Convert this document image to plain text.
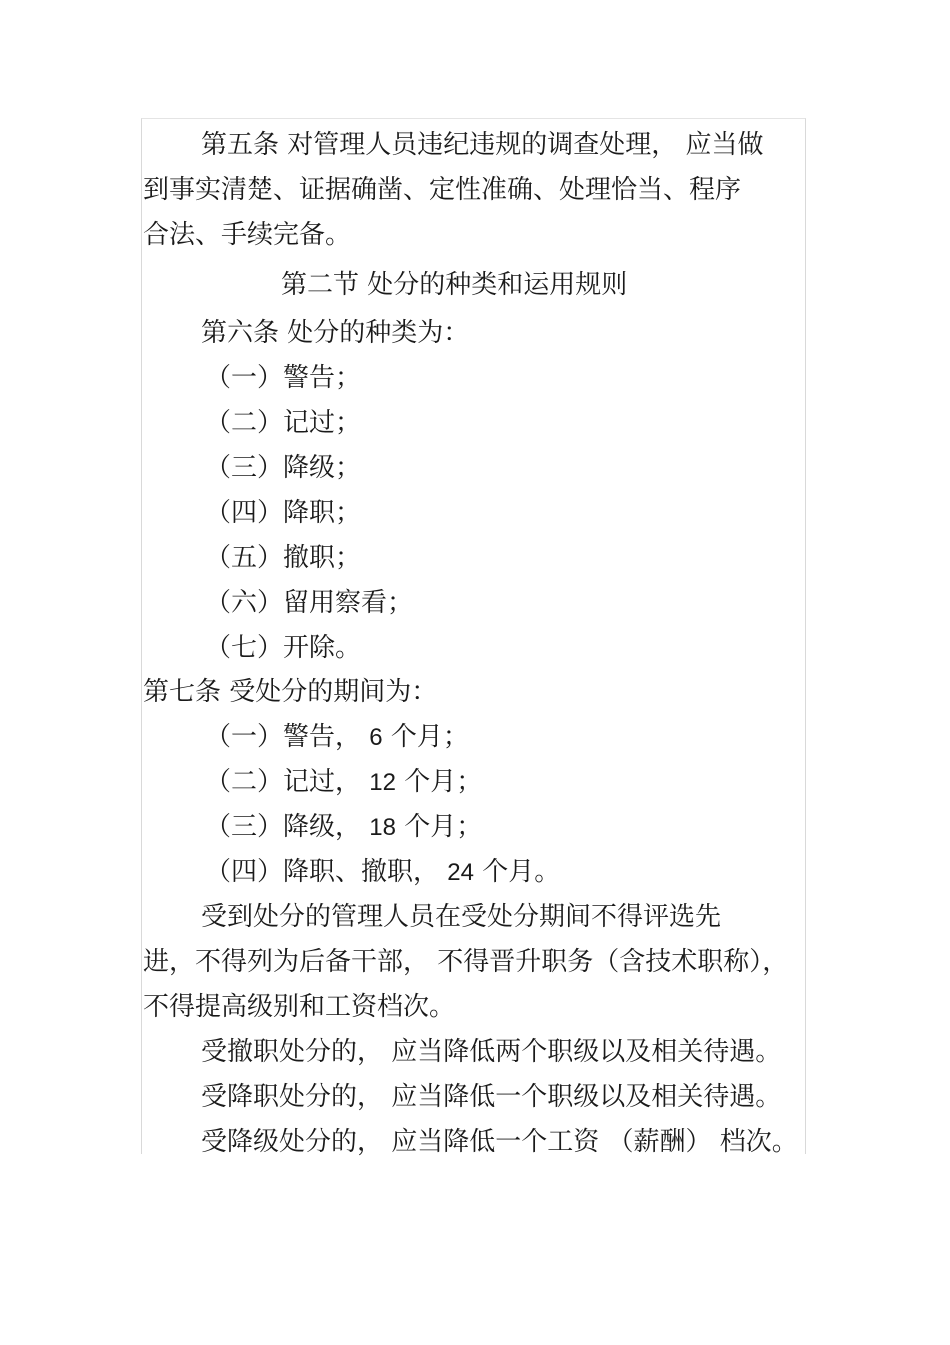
第五条 对管理人员违纪违规的调查处理， 应当做
到事实清楚、证据确凿、定性准确、处理恰当、程序
合法、手续完备。
第二节 处分的种类和运用规则
第六条 处分的种类为：
（一）警告；
（二）记过；
（三）降级；
（四）降职；
（五）撤职；
（六）留用察看；
（七）开除。
第七条 受处分的期间为：
（一）警告， 6 个月；
（二）记过， 12 个月；
（三）降级， 18 个月；
（四）降职、撤职， 24 个月。
受到处分的管理人员在受处分期间不得评选先
进，不得列为后备干部， 不得晋升职务（含技术职称），
不得提高级别和工资档次。
受撤职处分的， 应当降低两个职级以及相关待遇。
受降职处分的， 应当降低一个职级以及相关待遇。
受降级处分的， 应当降低一个工资 （薪酬） 档次。
